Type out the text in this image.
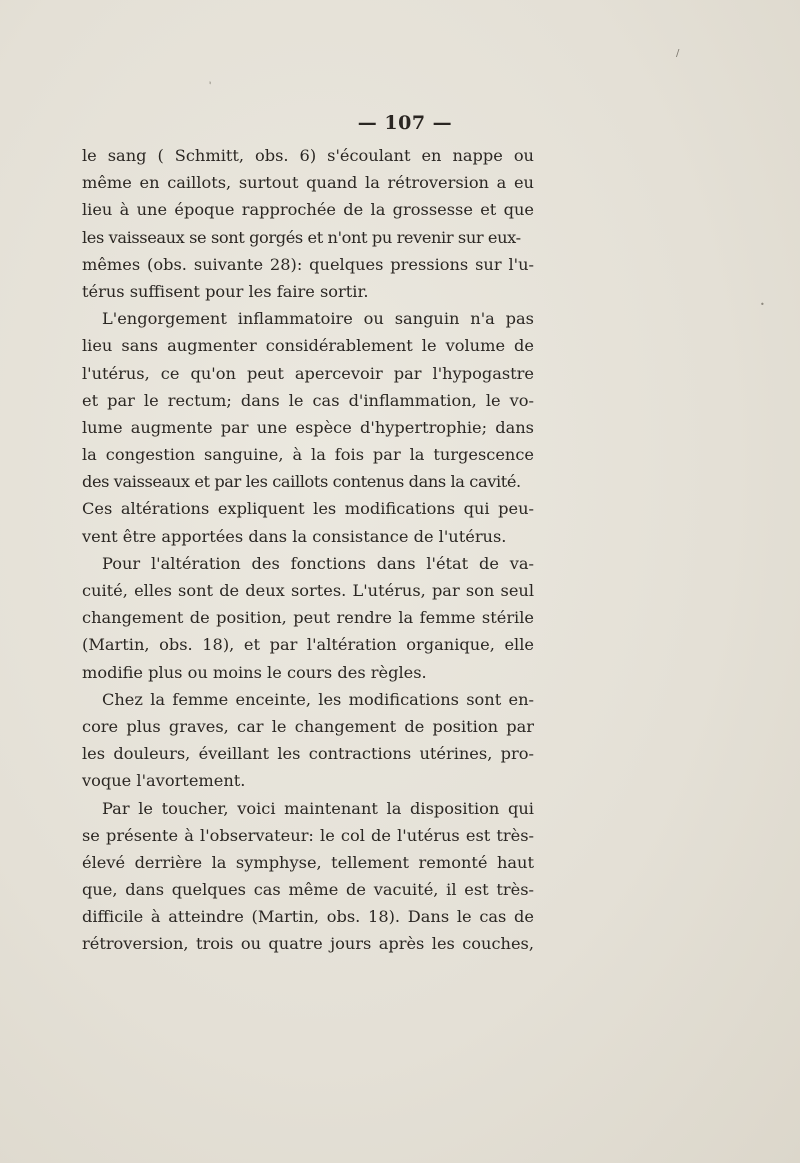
`
/
•
— 107 —
le sang ( Schmitt, obs. 6) s'écoulant en nappe ou
même en caillots, surtout quand la rétroversion a eu
lieu à une époque rapprochée de la grossesse et que
les vaisseaux se sont gorgés et n'ont pu revenir sur eux-
mêmes (obs. suivante 28): quelques pressions sur l'u-
térus suffisent pour les faire sortir.
L'engorgement inflammatoire ou sanguin n'a pas
lieu sans augmenter considérablement le volume de
l'utérus, ce qu'on peut apercevoir par l'hypogastre
et par le rectum; dans le cas d'inflammation, le vo-
lume augmente par une espèce d'hypertrophie; dans
la congestion sanguine, à la fois par la turgescence
des vaisseaux et par les caillots contenus dans la cavité.
Ces altérations expliquent les modifications qui peu-
vent être apportées dans la consistance de l'utérus.
Pour l'altération des fonctions dans l'état de va-
cuité, elles sont de deux sortes. L'utérus, par son seul
changement de position, peut rendre la femme stérile
(Martin, obs. 18), et par l'altération organique, elle
modifie plus ou moins le cours des règles.
Chez la femme enceinte, les modifications sont en-
core plus graves, car le changement de position par
les douleurs, éveillant les contractions utérines, pro-
voque l'avortement.
Par le toucher, voici maintenant la disposition qui
se présente à l'observateur: le col de l'utérus est très-
élevé derrière la symphyse, tellement remonté haut
que, dans quelques cas même de vacuité, il est très-
difficile à atteindre (Martin, obs. 18). Dans le cas de
rétroversion, trois ou quatre jours après les couches,
